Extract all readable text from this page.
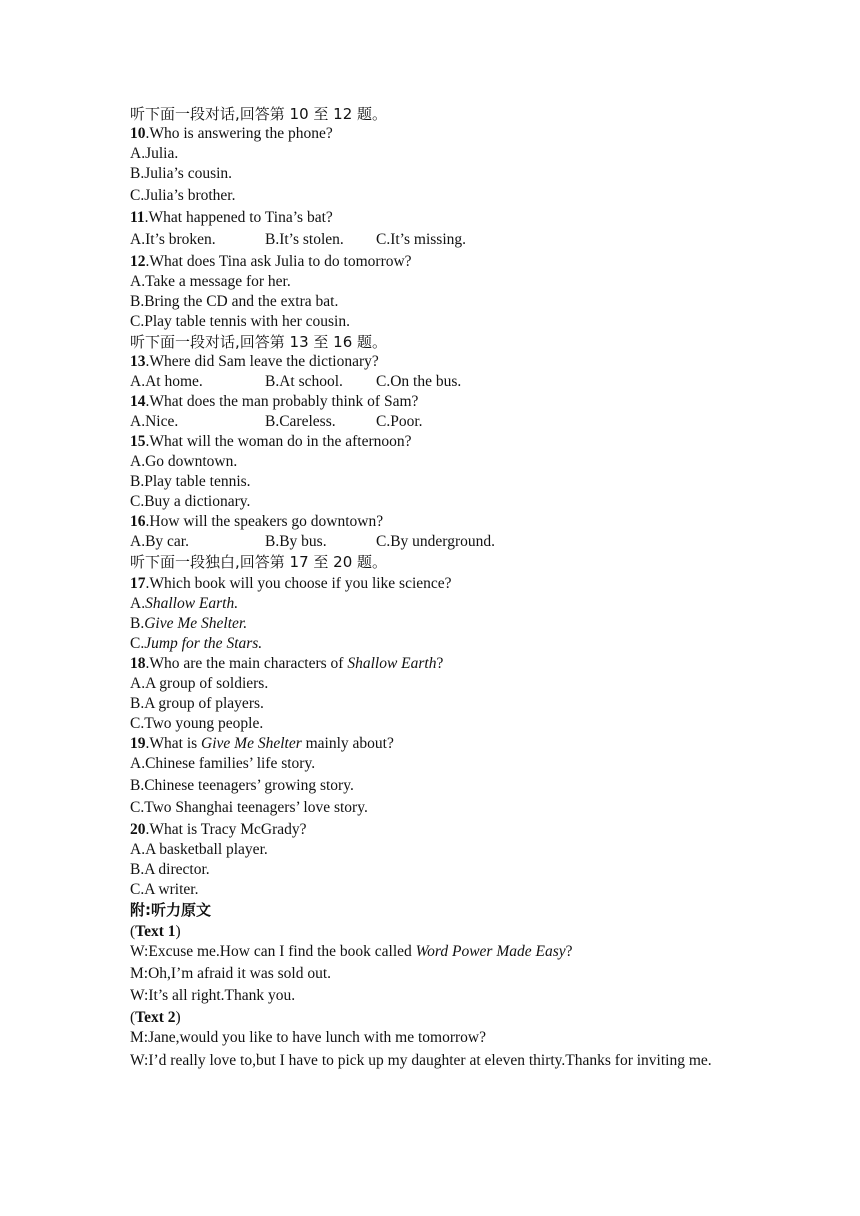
听下面一段对话,回答第 10 至 12 题。
10.Who is answering the phone?
A.Julia.
B.Julia’s cousin.
C.Julia’s brother.
11.What happened to Tina’s bat?
A.It’s broken.	B.It’s stolen.	C.It’s missing.
12.What does Tina ask Julia to do tomorrow?
A.Take a message for her.
B.Bring the CD and the extra bat.
C.Play table tennis with her cousin.
听下面一段对话,回答第 13 至 16 题。
13.Where did Sam leave the dictionary?
A.At home.	B.At school.	C.On the bus.
14.What does the man probably think of Sam?
A.Nice.	B.Careless.	C.Poor.
15.What will the woman do in the afternoon?
A.Go downtown.
B.Play table tennis.
C.Buy a dictionary.
16.How will the speakers go downtown?
A.By car.	B.By bus.	C.By underground.
听下面一段独白,回答第 17 至 20 题。
17.Which book will you choose if you like science?
A.Shallow Earth.
B.Give Me Shelter.
C.Jump for the Stars.
18.Who are the main characters of Shallow Earth?
A.A group of soldiers.
B.A group of players.
C.Two young people.
19.What is Give Me Shelter mainly about?
A.Chinese families’ life story.
B.Chinese teenagers’ growing story.
C.Two Shanghai teenagers’ love story.
20.What is Tracy McGrady?
A.A basketball player.
B.A director.
C.A writer.
附:听力原文
(Text 1)
W:Excuse me.How can I find the book called Word Power Made Easy?
M:Oh,I’m afraid it was sold out.
W:It’s all right.Thank you.
(Text 2)
M:Jane,would you like to have lunch with me tomorrow?
W:I’d really love to,but I have to pick up my daughter at eleven thirty.Thanks for inviting me.
